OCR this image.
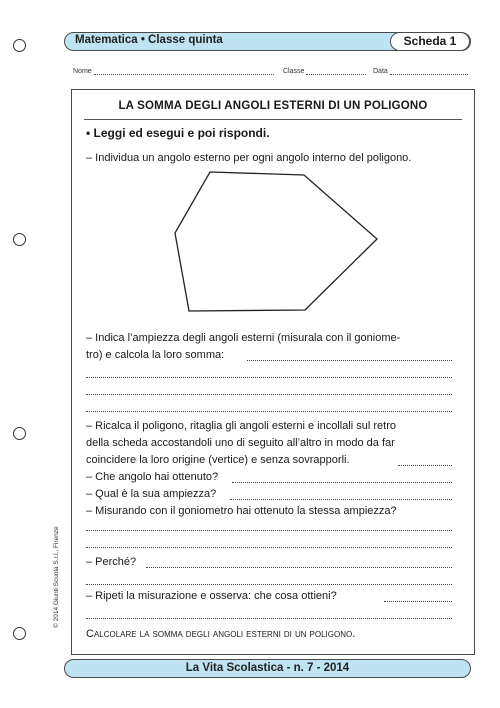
Matematica • Classe quinta	Scheda 1
Nome	Classe	Data
LA SOMMA DEGLI ANGOLI ESTERNI DI UN POLIGONO
• Leggi ed esegui e poi rispondi.
– Individua un angolo esterno per ogni angolo interno del poligono.
– Indica l’ampiezza degli angoli esterni (misurala con il goniome-
tro) e calcola la loro somma:
– Ricalca il poligono, ritaglia gli angoli esterni e incollali sul retro
della scheda accostandoli uno di seguito all’altro in modo da far
coincidere la loro origine (vertice) e senza sovrapporli.
– Che angolo hai ottenuto?
– Qual è la sua ampiezza?
– Misurando con il goniometro hai ottenuto la stessa ampiezza?
– Perché?
– Ripeti la misurazione e osserva: che cosa ottieni?
Calcolare la somma degli angoli esterni di un poligono.
© 2014 Giunti Scuola S.r.l., Firenze
La Vita Scolastica - n. 7 - 2014
